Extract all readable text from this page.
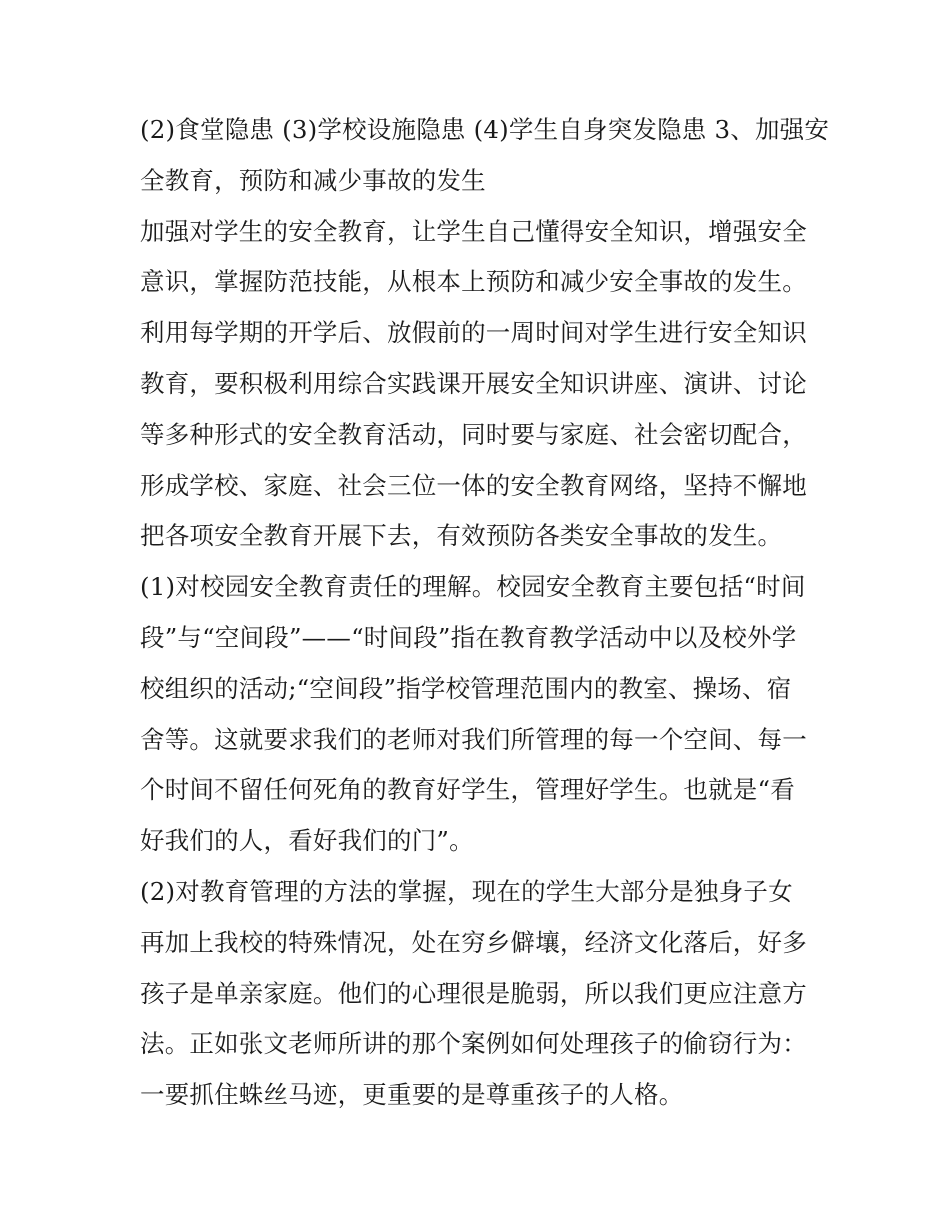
(2)食堂隐患 (3)学校设施隐患 (4)学生自身突发隐患 3、加强安
全教育，预防和减少事故的发生
加强对学生的安全教育，让学生自己懂得安全知识，增强安全
意识，掌握防范技能，从根本上预防和减少安全事故的发生。
利用每学期的开学后、放假前的一周时间对学生进行安全知识
教育，要积极利用综合实践课开展安全知识讲座、演讲、讨论
等多种形式的安全教育活动，同时要与家庭、社会密切配合，
形成学校、家庭、社会三位一体的安全教育网络，坚持不懈地
把各项安全教育开展下去，有效预防各类安全事故的发生。
(1)对校园安全教育责任的理解。校园安全教育主要包括“时间
段”与“空间段”——“时间段”指在教育教学活动中以及校外学
校组织的活动;“空间段”指学校管理范围内的教室、操场、宿
舍等。这就要求我们的老师对我们所管理的每一个空间、每一
个时间不留任何死角的教育好学生，管理好学生。也就是“看
好我们的人，看好我们的门”。
(2)对教育管理的方法的掌握，现在的学生大部分是独身子女
再加上我校的特殊情况，处在穷乡僻壤，经济文化落后，好多
孩子是单亲家庭。他们的心理很是脆弱，所以我们更应注意方
法。正如张文老师所讲的那个案例如何处理孩子的偷窃行为：
一要抓住蛛丝马迹，更重要的是尊重孩子的人格。
